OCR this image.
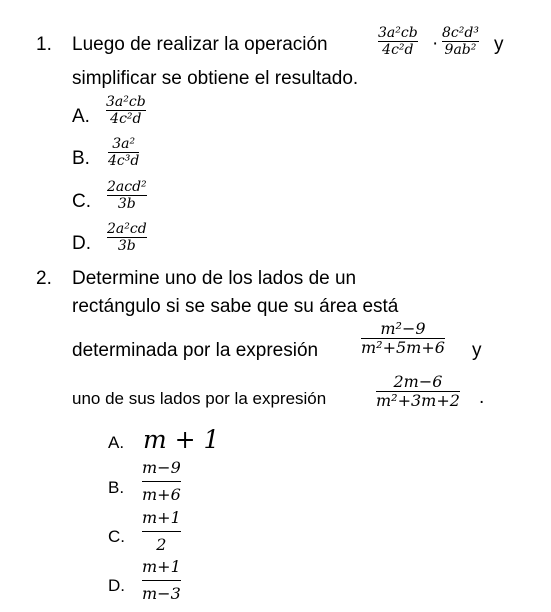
1. Luego de realizar la operación
3a²cb
4c²d · 8c²d³
9ab² y
simplificar se obtiene el resultado.
A.
3a²cb
4c²d
B.
3a²
4c³d
C.
2acd²
3b
D.
2a²cd
3b
2. Determine uno de los lados de un
rectángulo si se sabe que su área está
determinada por la expresión
m²−9
m²+5m+6 y
uno de sus lados por la expresión
2m−6
m²+3m+2 .
A. m + 1
B.
m−9
m+6
C.
m+1
2
D.
m+1
m−3
